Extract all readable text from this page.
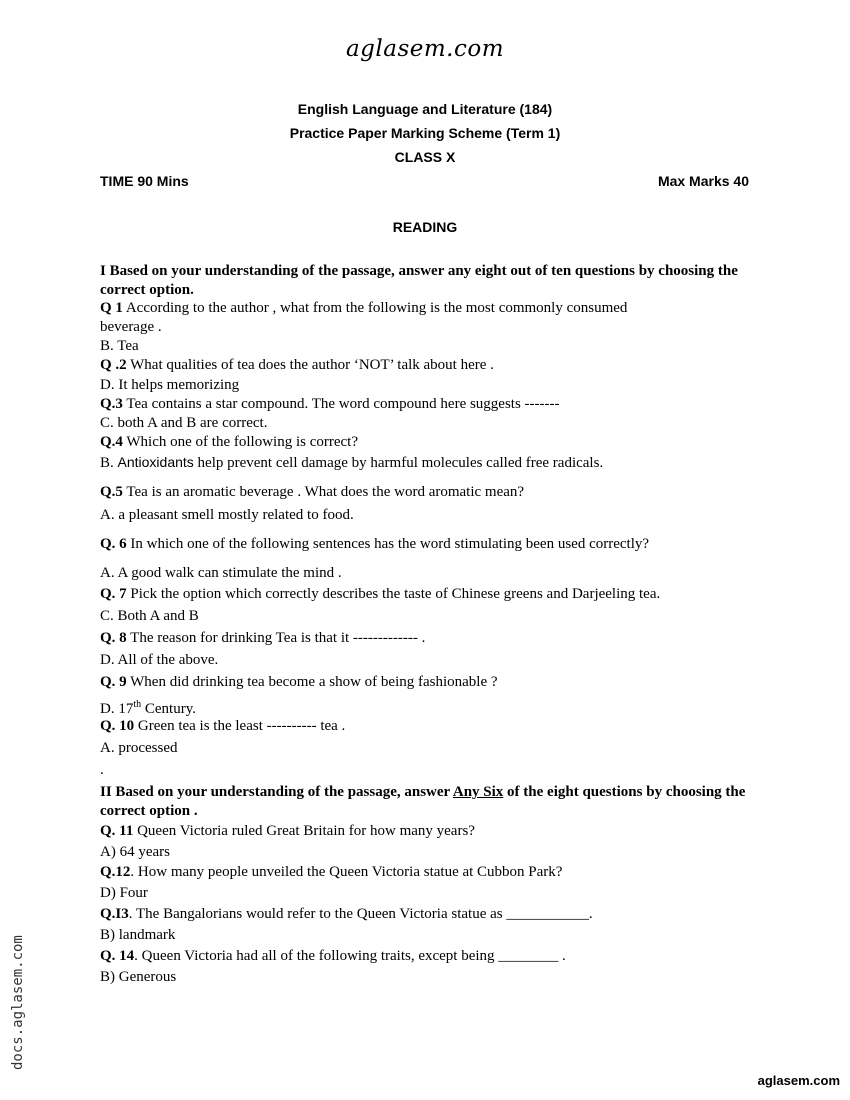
aglasem.com
English Language and Literature (184)
Practice Paper Marking Scheme (Term 1)
CLASS X
TIME 90 Mins	Max Marks 40
READING
I Based on your understanding of the passage, answer any eight out of ten questions by choosing the correct option.
Q 1 According to the author , what from the following is the most commonly consumed
beverage .
B. Tea
Q .2 What qualities of tea does the author ‘NOT’ talk about here .
D. It helps memorizing
Q.3 Tea contains a star compound. The word compound here suggests -------
C. both A and B are correct.
Q.4 Which one of the following is correct?
B. Antioxidants help prevent cell damage by harmful molecules called free radicals.
Q.5 Tea is an aromatic beverage . What does the word aromatic mean?
A. a pleasant smell mostly related to food.
Q. 6 In which one of the following sentences has the word stimulating been used correctly?
A. A good walk can stimulate the mind .
Q. 7 Pick the option which correctly describes the taste of Chinese greens and Darjeeling tea.
C. Both A and B
Q. 8 The reason for drinking Tea is that it ------------- .
D. All of the above.
Q. 9 When did drinking tea become a show of being fashionable ?
D. 17th Century.
Q. 10 Green tea is the least ---------- tea .
A. processed
.
II Based on your understanding of the passage, answer Any Six of the eight questions by choosing the correct option .
Q. 11 Queen Victoria ruled Great Britain for how many years?
A) 64 years
Q.12. How many people unveiled the Queen Victoria statue at Cubbon Park?
D) Four
Q.I3. The Bangalorians would refer to the Queen Victoria statue as ___________.
B) landmark
Q. 14. Queen Victoria had all of the following traits, except being ________ .
B) Generous
docs.aglasem.com
aglasem.com
